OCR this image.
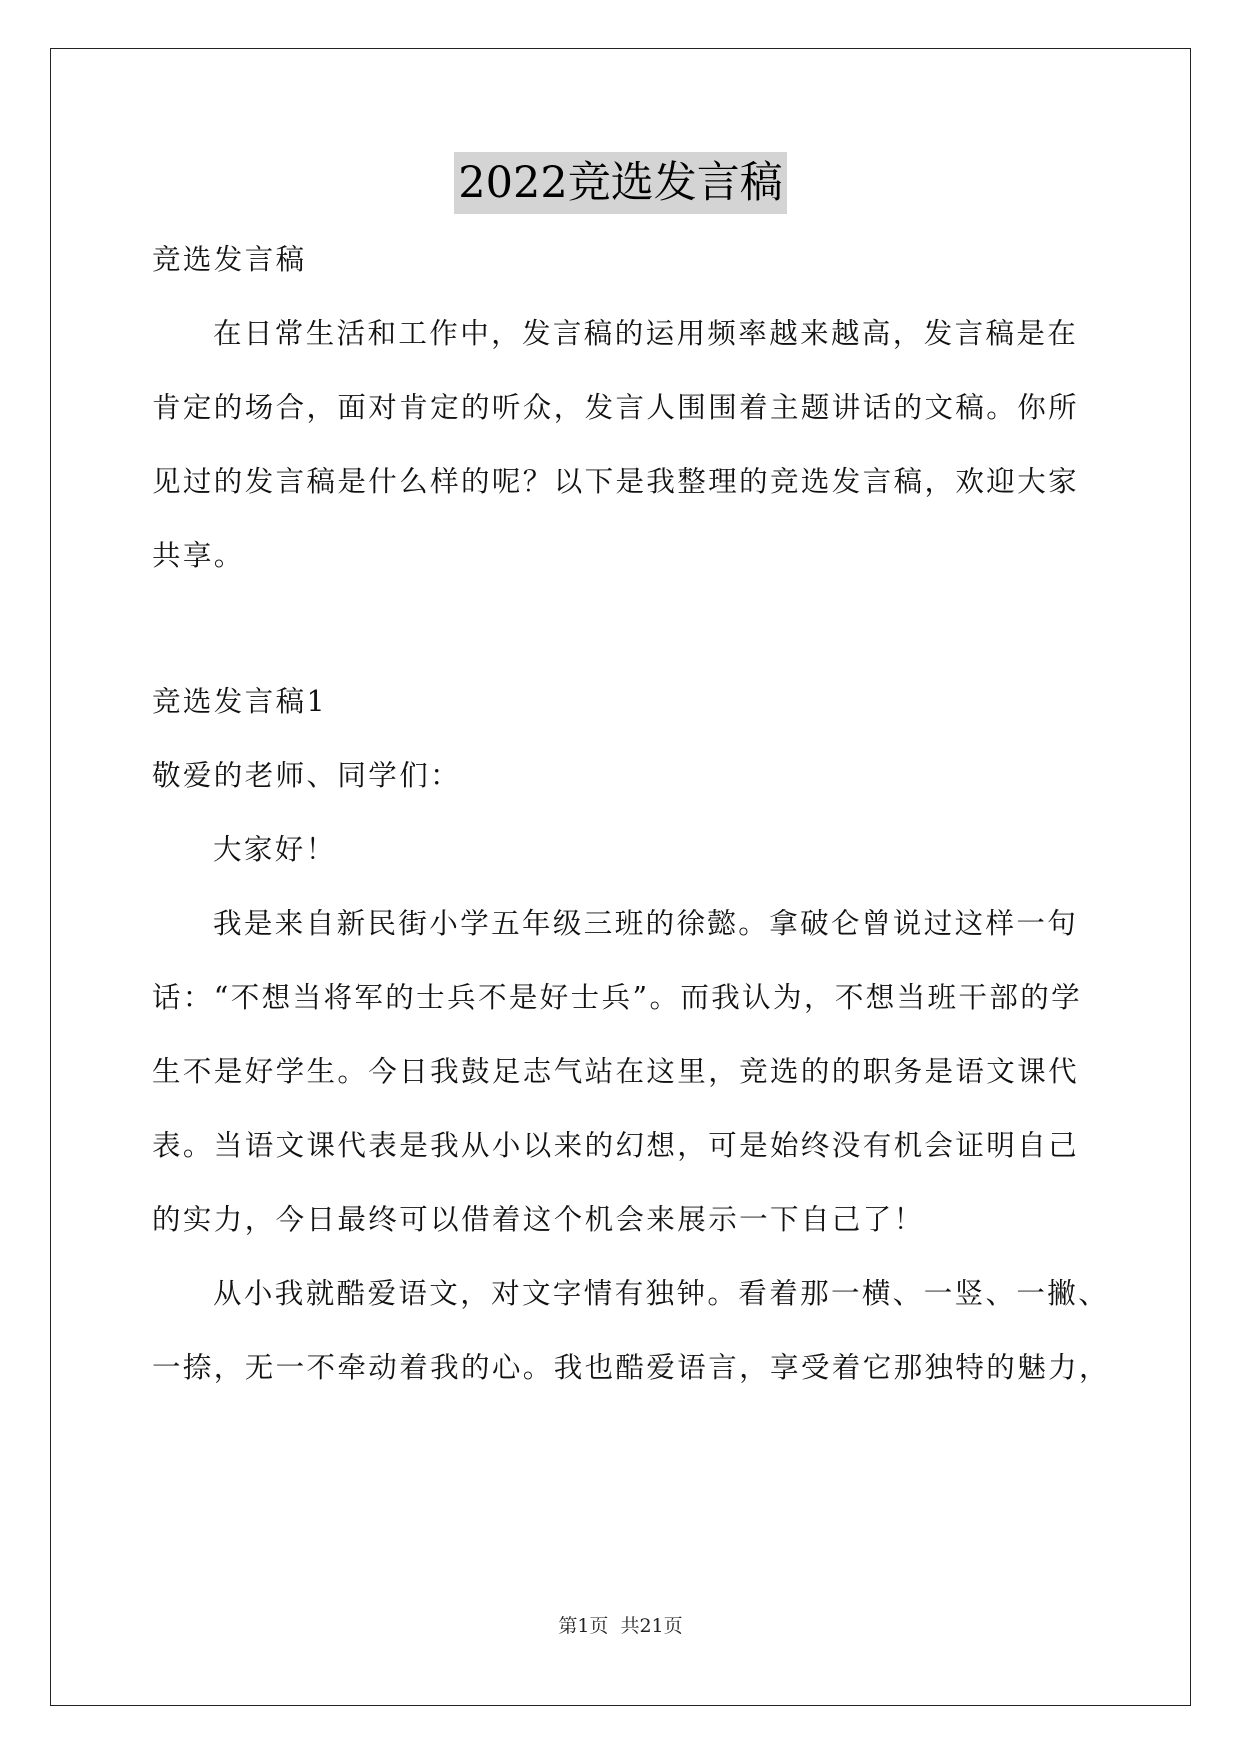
2022竞选发言稿
竞选发言稿
在日常生活和工作中，发言稿的运用频率越来越高，发言稿是在
肯定的场合，面对肯定的听众，发言人围围着主题讲话的文稿。你所
见过的发言稿是什么样的呢？以下是我整理的竞选发言稿，欢迎大家
共享。
竞选发言稿1
敬爱的老师、同学们：
大家好！
我是来自新民街小学五年级三班的徐懿。拿破仑曾说过这样一句
话：“不想当将军的士兵不是好士兵”。而我认为，不想当班干部的学
生不是好学生。今日我鼓足志气站在这里，竞选的的职务是语文课代
表。当语文课代表是我从小以来的幻想，可是始终没有机会证明自己
的实力，今日最终可以借着这个机会来展示一下自己了！
从小我就酷爱语文，对文字情有独钟。看着那一横、一竖、一撇、
一捺，无一不牵动着我的心。我也酷爱语言，享受着它那独特的魅力，
第1页 共21页
